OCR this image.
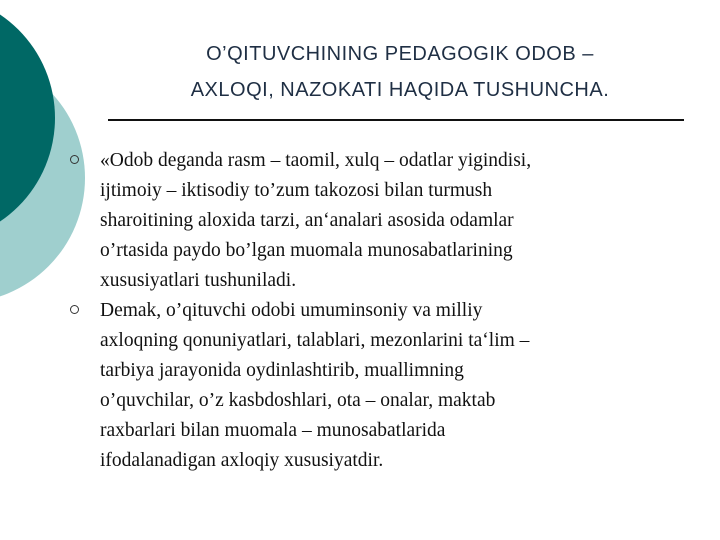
O’QITUVCHINING PEDAGOGIK ODOB –
AXLOQI, NAZOKATI HAQIDA TUSHUNCHA.
«Odob deganda rasm – taomil, xulq – odatlar yigindisi,
ijtimoiy – iktisodiy to’zum takozosi bilan turmush
sharoitining aloxida tarzi, an‘analari asosida odamlar
o’rtasida paydo bo’lgan muomala munosabatlarining
xususiyatlari tushuniladi.
Demak, o’qituvchi odobi umuminsoniy va milliy
axloqning qonuniyatlari, talablari, mezonlarini ta‘lim –
tarbiya jarayonida oydinlashtirib, muallimning
o’quvchilar, o’z kasbdoshlari, ota – onalar, maktab
raxbarlari bilan muomala – munosabatlarida
ifodalanadigan axloqiy xususiyatdir.
